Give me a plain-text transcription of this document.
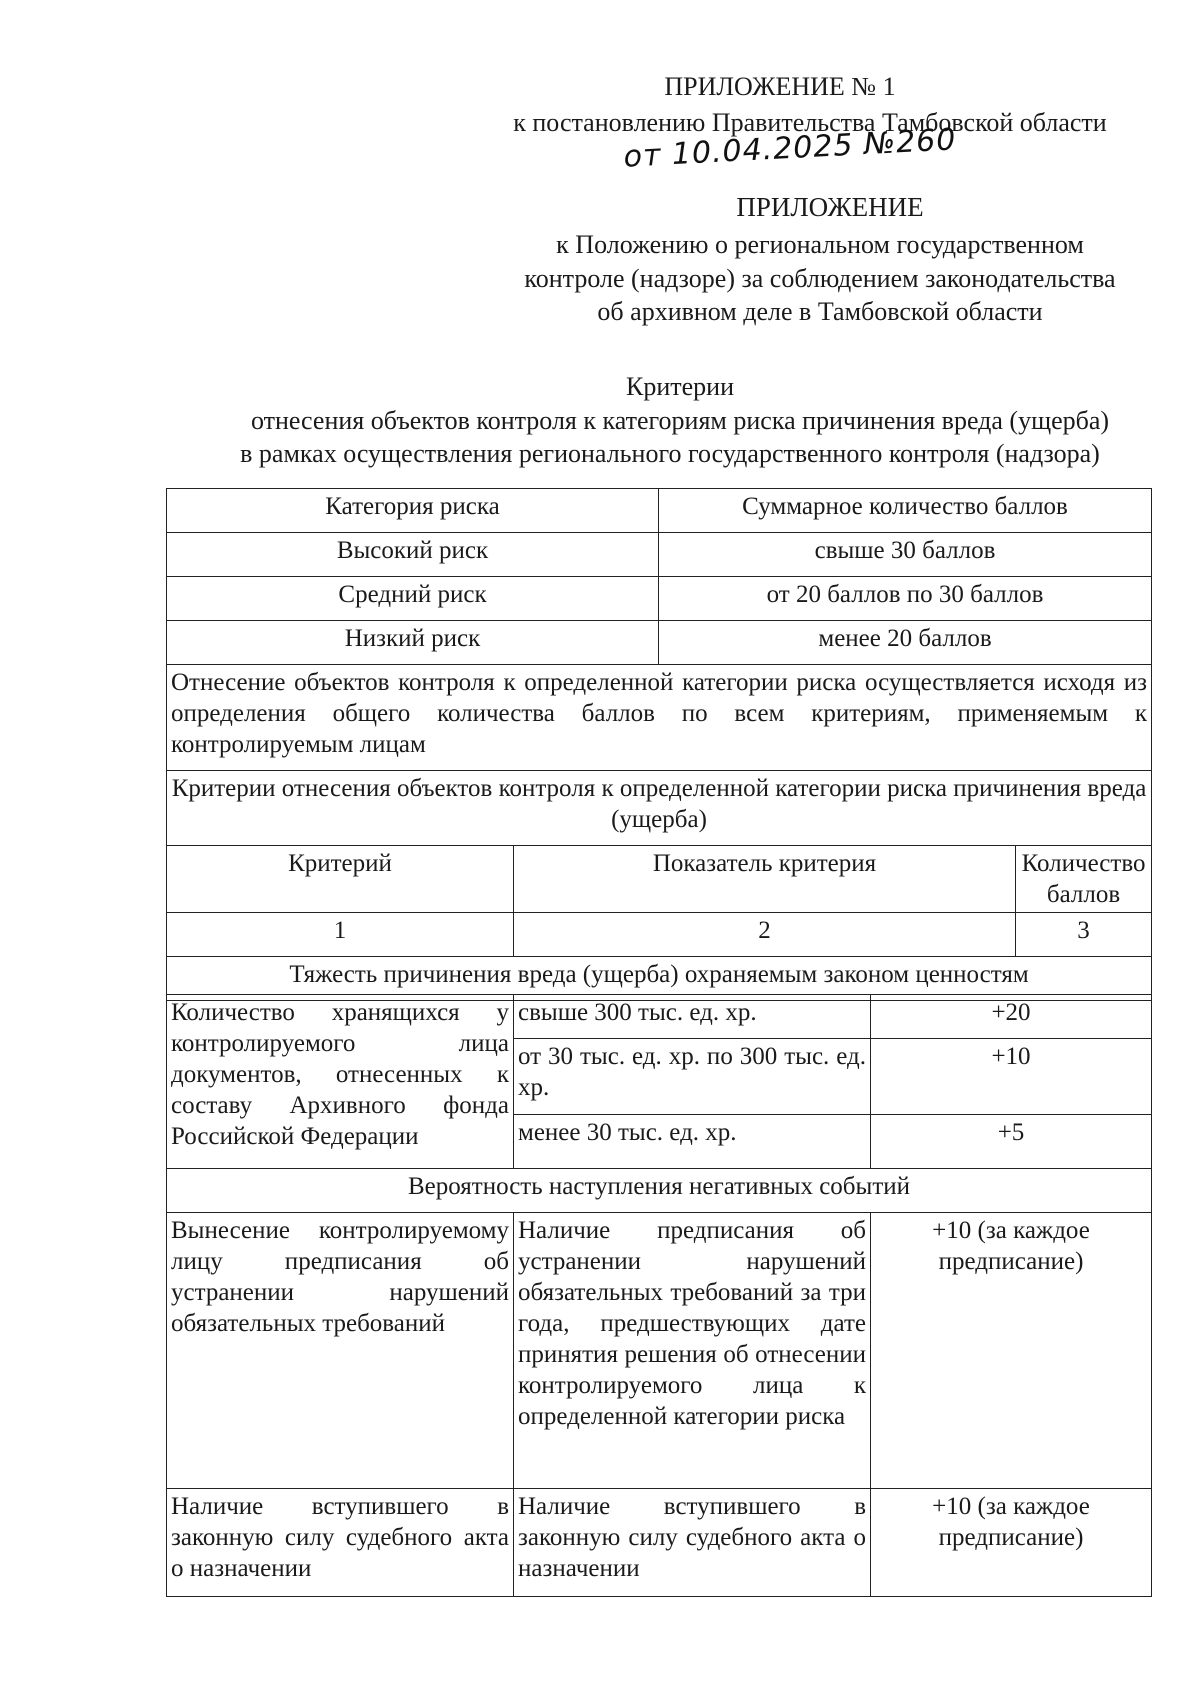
ПРИЛОЖЕНИЕ № 1
к постановлению Правительства Тамбовской области
от 10.04.2025 №260
ПРИЛОЖЕНИЕ
к Положению о региональном государственном
контроле (надзоре) за соблюдением законодательства
об архивном деле в Тамбовской области
Критерии
отнесения объектов контроля к категориям риска причинения вреда (ущерба)
в рамках осуществления регионального государственного контроля (надзора)
Категория риска		Суммарное количество баллов	
Высокий риск		свыше 30 баллов	
Средний риск		от 20 баллов по 30 баллов	
Низкий риск		менее 20 баллов	
Отнесение объектов контроля к определенной категории риска осуществляется исходя из определения общего количества баллов по всем критериям, применяемым к контролируемым лицам			
Критерии отнесения объектов контроля к определенной категории риска причинения вреда (ущерба)			
Критерий	Показатель критерия		Количество баллов
1	2		3
Тяжесть причинения вреда (ущерба) охраняемым законом ценностям			
Количество хранящихся у контролируемого лица документов, отнесенных к составу Архивного фонда Российской Федерации	свыше 300 тыс. ед. хр.	+20
	от 30 тыс. ед. хр. по 300 тыс. ед. хр.	+10
	менее 30 тыс. ед. хр.	+5
Вероятность наступления негативных событий		
Вынесение контролируемому лицу предписания об устранении нарушений обязательных требований	Наличие предписания об устранении нарушений обязательных требований за три года, предшествующих дате принятия решения об отнесении контролируемого лица к определенной категории риска	+10 (за каждое предписание)
Наличие вступившего в законную силу судебного акта о назначении	Наличие вступившего в законную силу судебного акта о назначении	+10 (за каждое предписание)
